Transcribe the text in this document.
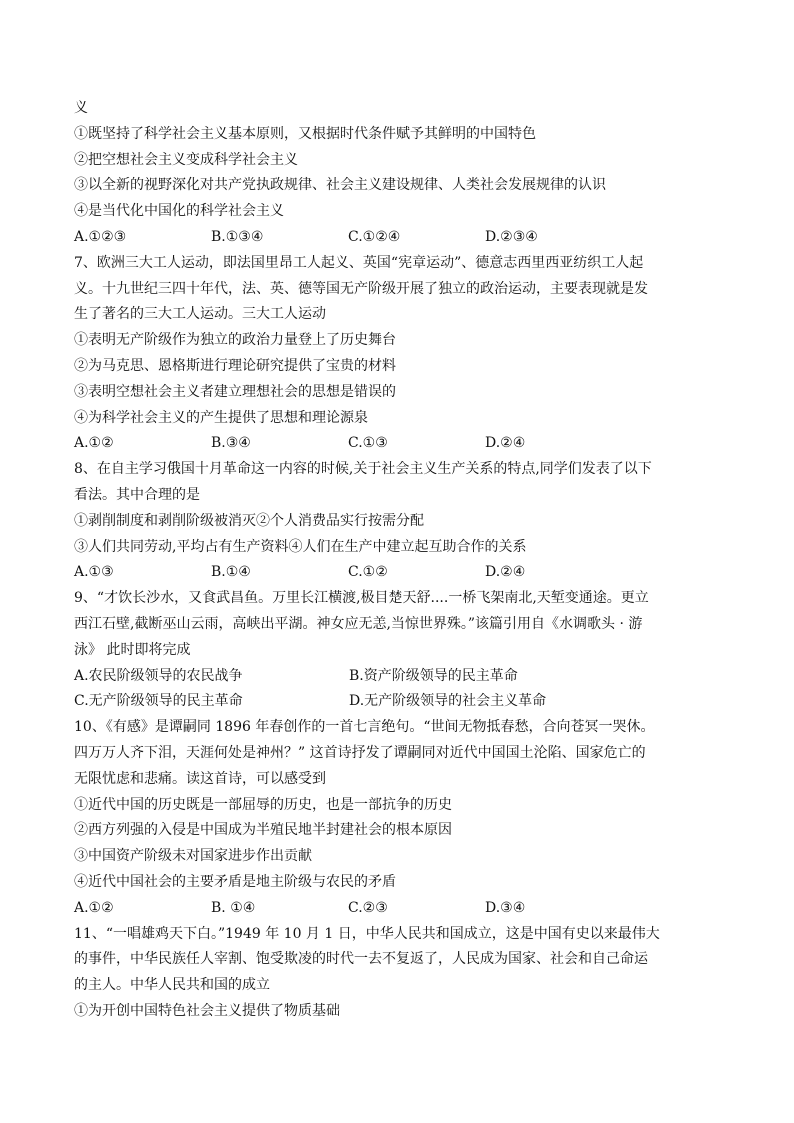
义
①既坚持了科学社会主义基本原则，又根据时代条件赋予其鲜明的中国特色
②把空想社会主义变成科学社会主义
③以全新的视野深化对共产党执政规律、社会主义建设规律、人类社会发展规律的认识
④是当代化中国化的科学社会主义
A.①②③	B.①③④	C.①②④	D.②③④
7、欧洲三大工人运动，即法国里昂工人起义、英国“宪章运动”、德意志西里西亚纺织工人起
义。十九世纪三四十年代，法、英、德等国无产阶级开展了独立的政治运动，主要表现就是发
生了著名的三大工人运动。三大工人运动
①表明无产阶级作为独立的政治力量登上了历史舞台
②为马克思、恩格斯进行理论研究提供了宝贵的材料
③表明空想社会主义者建立理想社会的思想是错误的
④为科学社会主义的产生提供了思想和理论源泉
A.①②	B.③④	C.①③	D.②④
8、在自主学习俄国十月革命这一内容的时候,关于社会主义生产关系的特点,同学们发表了以下
看法。其中合理的是
①剥削制度和剥削阶级被消灭②个人消费品实行按需分配
③人们共同劳动,平均占有生产资料④人们在生产中建立起互助合作的关系
A.①③	B.①④	C.①②	D.②④
9、“才饮长沙水，又食武昌鱼。万里长江横渡,极目楚天舒....一桥飞架南北,天堑变通途。更立
西江石壁,截断巫山云雨，高峡出平湖。神女应无恙,当惊世界殊。”该篇引用自《水调歌头 · 游
泳》 此时即将完成
A.农民阶级领导的农民战争	B.资产阶级领导的民主革命
C.无产阶级领导的民主革命	D.无产阶级领导的社会主义革命
10、《有感》是谭嗣同 1896 年春创作的一首七言绝句。“世间无物抵春愁，合向苍冥一哭休。
四万万人齐下泪，天涯何处是神州？” 这首诗抒发了谭嗣同对近代中国国土沦陷、国家危亡的
无限忧虑和悲痛。读这首诗，可以感受到
①近代中国的历史既是一部屈辱的历史，也是一部抗争的历史
②西方列强的入侵是中国成为半殖民地半封建社会的根本原因
③中国资产阶级未对国家进步作出贡献
④近代中国社会的主要矛盾是地主阶级与农民的矛盾
A.①②	B. ①④	C.②③	D.③④
11、“一唱雄鸡天下白。”1949 年 10 月 1 日，中华人民共和国成立，这是中国有史以来最伟大
的事件，中华民族任人宰割、饱受欺凌的时代一去不复返了，人民成为国家、社会和自己命运
的主人。中华人民共和国的成立
①为开创中国特色社会主义提供了物质基础
